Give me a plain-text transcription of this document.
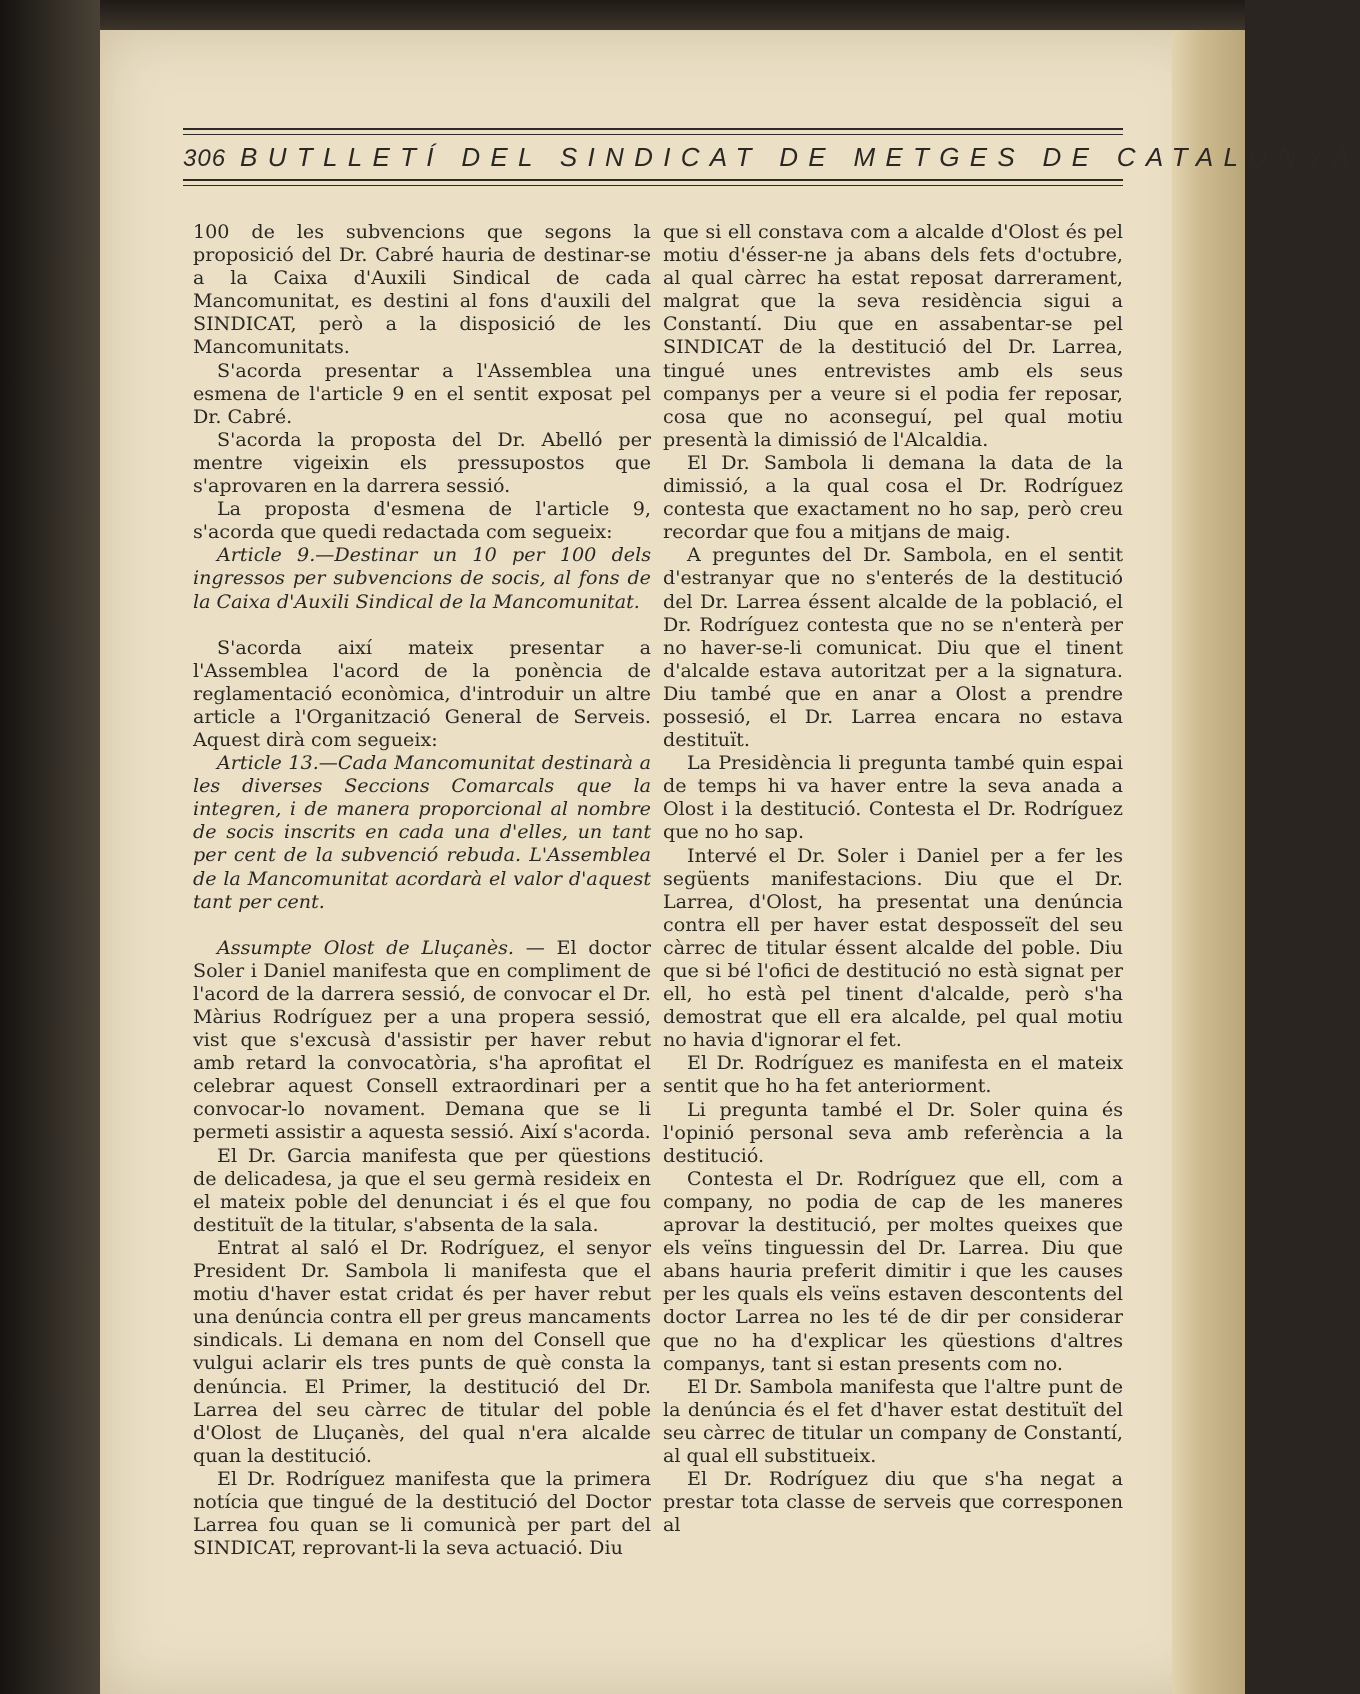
306 BUTLLETÍ DEL SINDICAT DE METGES DE CATALUNYA

100 de les subvencions que segons la proposició del Dr. Cabré hauria de destinar-se a la Caixa d'Auxili Sindical de cada Mancomunitat, es destini al fons d'auxili del SINDICAT, però a la disposició de les Mancomunitats.

S'acorda presentar a l'Assemblea una esmena de l'article 9 en el sentit exposat pel Dr. Cabré.

S'acorda la proposta del Dr. Abelló per mentre vigeixin els pressupostos que s'aprovaren en la darrera sessió.

La proposta d'esmena de l'article 9, s'acorda que quedi redactada com segueix:

Article 9.—Destinar un 10 per 100 dels ingressos per subvencions de socis, al fons de la Caixa d'Auxili Sindical de la Mancomunitat.

S'acorda així mateix presentar a l'Assemblea l'acord de la ponència de reglamentació econòmica, d'introduir un altre article a l'Organització General de Serveis. Aquest dirà com segueix:

Article 13.—Cada Mancomunitat destinarà a les diverses Seccions Comarcals que la integren, i de manera proporcional al nombre de socis inscrits en cada una d'elles, un tant per cent de la subvenció rebuda. L'Assemblea de la Mancomunitat acordarà el valor d'aquest tant per cent.

Assumpte Olost de Lluçanès. — El doctor Soler i Daniel manifesta que en compliment de l'acord de la darrera sessió, de convocar el Dr. Màrius Rodríguez per a una propera sessió, vist que s'excusà d'assistir per haver rebut amb retard la convocatòria, s'ha aprofitat el celebrar aquest Consell extraordinari per a convocar-lo novament. Demana que se li permeti assistir a aquesta sessió. Així s'acorda.

El Dr. Garcia manifesta que per qüestions de delicadesa, ja que el seu germà resideix en el mateix poble del denunciat i és el que fou destituït de la titular, s'absenta de la sala.

Entrat al saló el Dr. Rodríguez, el senyor President Dr. Sambola li manifesta que el motiu d'haver estat cridat és per haver rebut una denúncia contra ell per greus mancaments sindicals. Li demana en nom del Consell que vulgui aclarir els tres punts de què consta la denúncia. El Primer, la destitució del Dr. Larrea del seu càrrec de titular del poble d'Olost de Lluçanès, del qual n'era alcalde quan la destitució.

El Dr. Rodríguez manifesta que la primera notícia que tingué de la destitució del Doctor Larrea fou quan se li comunicà per part del SINDICAT, reprovant-li la seva actuació. Diu

que si ell constava com a alcalde d'Olost és pel motiu d'ésser-ne ja abans dels fets d'octubre, al qual càrrec ha estat reposat darrerament, malgrat que la seva residència sigui a Constantí. Diu que en assabentar-se pel SINDICAT de la destitució del Dr. Larrea, tingué unes entrevistes amb els seus companys per a veure si el podia fer reposar, cosa que no aconseguí, pel qual motiu presentà la dimissió de l'Alcaldia.

El Dr. Sambola li demana la data de la dimissió, a la qual cosa el Dr. Rodríguez contesta que exactament no ho sap, però creu recordar que fou a mitjans de maig.

A preguntes del Dr. Sambola, en el sentit d'estranyar que no s'enterés de la destitució del Dr. Larrea éssent alcalde de la població, el Dr. Rodríguez contesta que no se n'enterà per no haver-se-li comunicat. Diu que el tinent d'alcalde estava autoritzat per a la signatura. Diu també que en anar a Olost a prendre possesió, el Dr. Larrea encara no estava destituït.

La Presidència li pregunta també quin espai de temps hi va haver entre la seva anada a Olost i la destitució. Contesta el Dr. Rodríguez que no ho sap.

Intervé el Dr. Soler i Daniel per a fer les següents manifestacions. Diu que el Dr. Larrea, d'Olost, ha presentat una denúncia contra ell per haver estat desposseït del seu càrrec de titular éssent alcalde del poble. Diu que si bé l'ofici de destitució no està signat per ell, ho està pel tinent d'alcalde, però s'ha demostrat que ell era alcalde, pel qual motiu no havia d'ignorar el fet.

El Dr. Rodríguez es manifesta en el mateix sentit que ho ha fet anteriorment.

Li pregunta també el Dr. Soler quina és l'opinió personal seva amb referència a la destitució.

Contesta el Dr. Rodríguez que ell, com a company, no podia de cap de les maneres aprovar la destitució, per moltes queixes que els veïns tinguessin del Dr. Larrea. Diu que abans hauria preferit dimitir i que les causes per les quals els veïns estaven descontents del doctor Larrea no les té de dir per considerar que no ha d'explicar les qüestions d'altres companys, tant si estan presents com no.

El Dr. Sambola manifesta que l'altre punt de la denúncia és el fet d'haver estat destituït del seu càrrec de titular un company de Constantí, al qual ell substitueix.

El Dr. Rodríguez diu que s'ha negat a prestar tota classe de serveis que corresponen al
